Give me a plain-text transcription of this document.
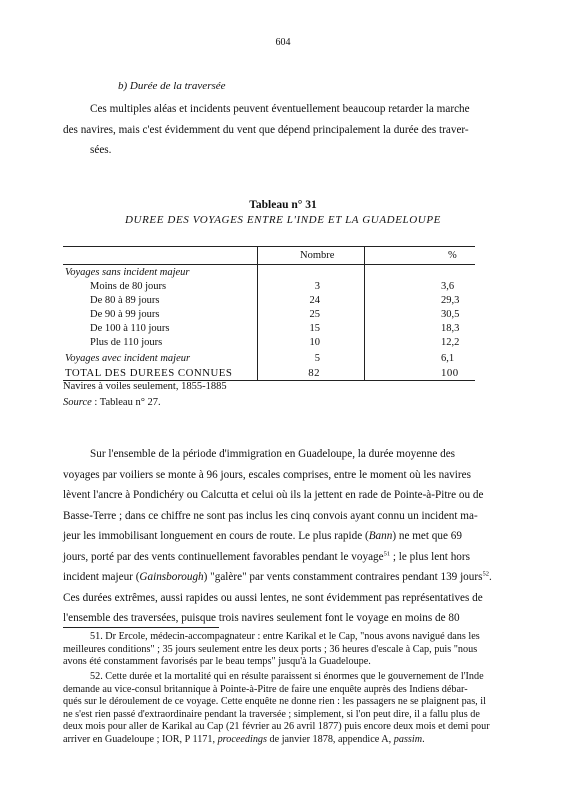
604
b) Durée de la traversée
Ces multiples aléas et incidents peuvent éventuellement beaucoup retarder la marche
des navires, mais c'est évidemment du vent que dépend principalement la durée des traver-
sées.
Tableau n° 31
DUREE DES VOYAGES ENTRE L'INDE ET LA GUADELOUPE
Nombre	%
Voyages sans incident majeur
Moins de 80 jours	3	3,6
De 80 à 89 jours	24	29,3
De 90 à 99 jours	25	30,5
De 100 à 110 jours	15	18,3
Plus de 110 jours	10	12,2
Voyages avec incident majeur	5	6,1
TOTAL DES DUREES CONNUES	82	100
Navires à voiles seulement, 1855-1885
Source : Tableau n° 27.
Sur l'ensemble de la période d'immigration en Guadeloupe, la durée moyenne des
voyages par voiliers se monte à 96 jours, escales comprises, entre le moment où les navires
lèvent l'ancre à Pondichéry ou Calcutta et celui où ils la jettent en rade de Pointe-à-Pitre ou de
Basse-Terre ; dans ce chiffre ne sont pas inclus les cinq convois ayant connu un incident ma-
jeur les immobilisant longuement en cours de route. Le plus rapide (Bann) ne met que 69
jours, porté par des vents continuellement favorables pendant le voyage$^{51}$ ; le plus lent hors
incident majeur (Gainsborough) "galère" par vents constamment contraires pendant 139 jours$^{52}$.
Ces durées extrêmes, aussi rapides ou aussi lentes, ne sont évidemment pas représentatives de
l'ensemble des traversées, puisque trois navires seulement font le voyage en moins de 80
51. Dr Ercole, médecin-accompagnateur : entre Karikal et le Cap, "nous avons navigué dans les
meilleures conditions" ; 35 jours seulement entre les deux ports ; 36 heures d'escale à Cap, puis "nous
avons été constamment favorisés par le beau temps" jusqu'à la Guadeloupe.
52. Cette durée et la mortalité qui en résulte paraissent si énormes que le gouvernement de l'Inde
demande au vice-consul britannique à Pointe-à-Pitre de faire une enquête auprès des Indiens débar-
qués sur le déroulement de ce voyage. Cette enquête ne donne rien : les passagers ne se plaignent pas, il
ne s'est rien passé d'extraordinaire pendant la traversée ; simplement, si l'on peut dire, il a fallu plus de
deux mois pour aller de Karikal au Cap (21 février au 26 avril 1877) puis encore deux mois et demi pour
arriver en Guadeloupe ; IOR, P 1171, proceedings de janvier 1878, appendice A, passim.
